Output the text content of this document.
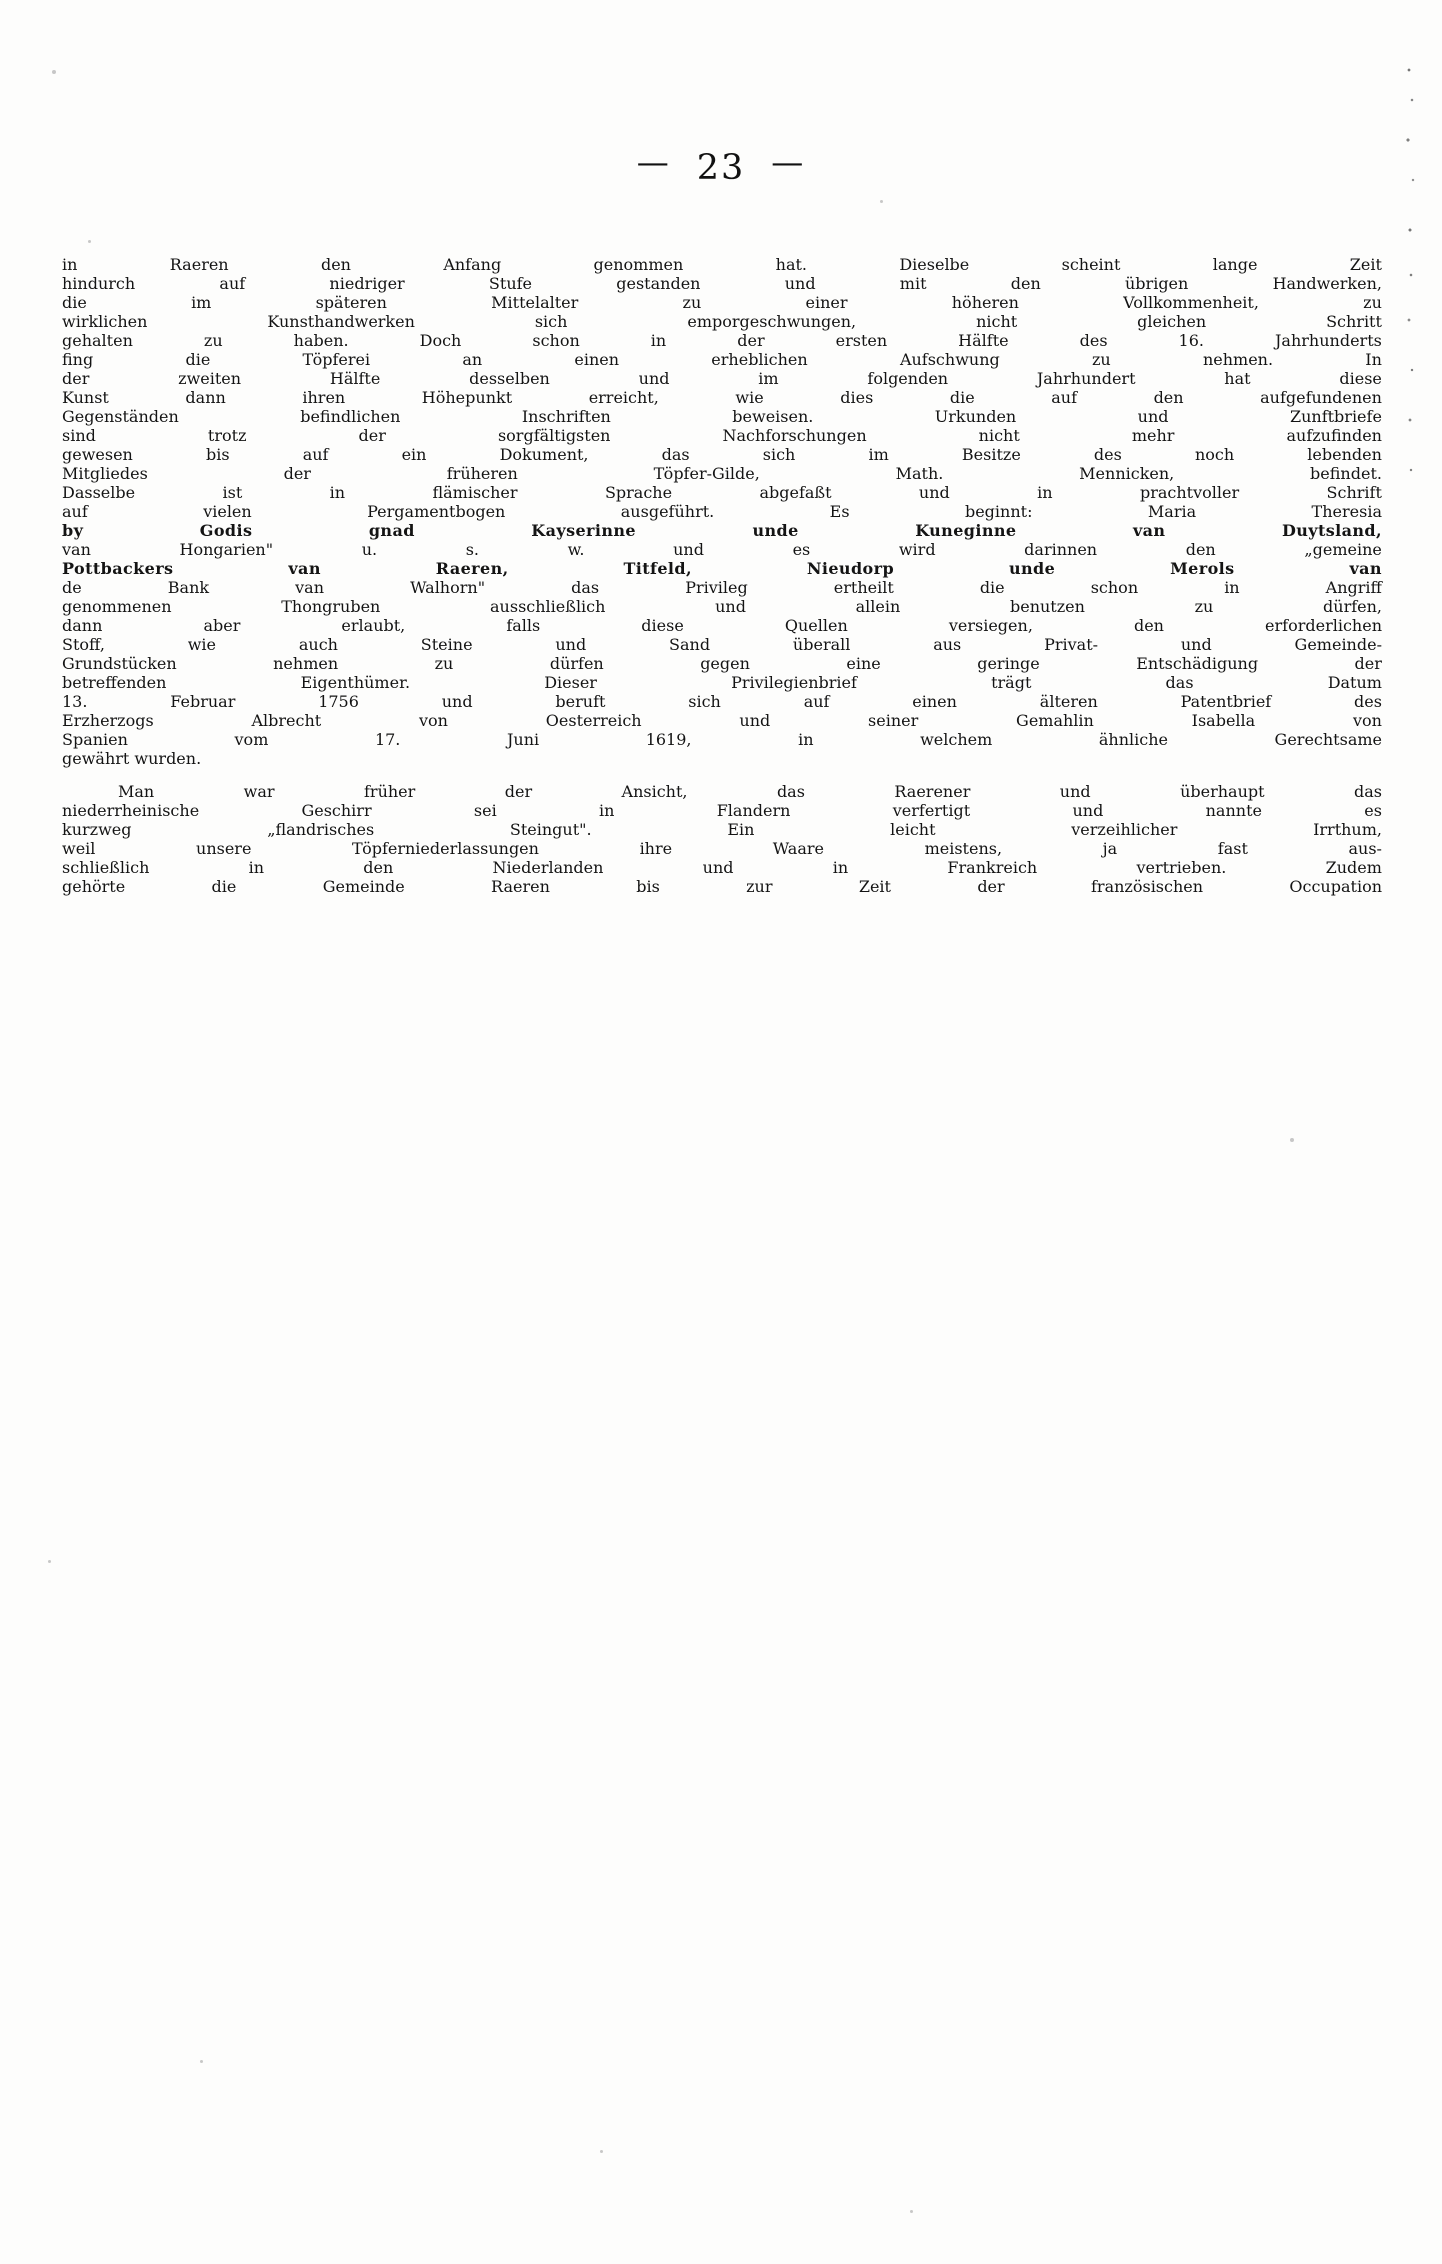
— 23 —
in	Raeren	den	Anfang	genommen	hat.	Dieselbe	scheint	lange	Zeit
hindurch	auf	niedriger	Stufe	gestanden	und	mit	den	übrigen	Handwerken,
die	im	späteren	Mittelalter	zu	einer	höheren	Vollkommenheit,	zu
wirklichen	Kunsthandwerken	sich	emporgeschwungen,	nicht	gleichen	Schritt
gehalten	zu	haben.	Doch	schon	in	der	ersten	Hälfte	des	16.	Jahrhunderts
fing	die	Töpferei	an	einen	erheblichen	Aufschwung	zu	nehmen.	In
der	zweiten	Hälfte	desselben	und	im	folgenden	Jahrhundert	hat	diese
Kunst	dann	ihren	Höhepunkt	erreicht,	wie	dies	die	auf	den	aufgefundenen
Gegenständen	befindlichen	Inschriften	beweisen.	Urkunden	und	Zunftbriefe
sind	trotz	der	sorgfältigsten	Nachforschungen	nicht	mehr	aufzufinden
gewesen	bis	auf	ein	Dokument,	das	sich	im	Besitze	des	noch	lebenden
Mitgliedes	der	früheren	Töpfer-Gilde,	Math.	Mennicken,	befindet.
Dasselbe	ist	in	flämischer	Sprache	abgefaßt	und	in	prachtvoller	Schrift
auf	vielen	Pergamentbogen	ausgeführt.	Es	beginnt:	Maria	Theresia
by	Godis	gnad	Kayserinne	unde	Kuneginne	van	Duytsland,
van	Hongarien"	u.	s.	w.	und	es	wird	darinnen	den	„gemeine
Pottbackers	van	Raeren,	Titfeld,	Nieudorp	unde	Merols	van
de	Bank	van	Walhorn"	das	Privileg	ertheilt	die	schon	in	Angriff
genommenen	Thongruben	ausschließlich	und	allein	benutzen	zu	dürfen,
dann	aber	erlaubt,	falls	diese	Quellen	versiegen,	den	erforderlichen
Stoff,	wie	auch	Steine	und	Sand	überall	aus	Privat-	und	Gemeinde-
Grundstücken	nehmen	zu	dürfen	gegen	eine	geringe	Entschädigung	der
betreffenden	Eigenthümer.	Dieser	Privilegienbrief	trägt	das	Datum
13.	Februar	1756	und	beruft	sich	auf	einen	älteren	Patentbrief	des
Erzherzogs	Albrecht	von	Oesterreich	und	seiner	Gemahlin	Isabella	von
Spanien	vom	17.	Juni	1619,	in	welchem	ähnliche	Gerechtsame
gewährt wurden.
Man	war	früher	der	Ansicht,	das	Raerener	und	überhaupt	das
niederrheinische	Geschirr	sei	in	Flandern	verfertigt	und	nannte	es
kurzweg	„flandrisches	Steingut".	Ein	leicht	verzeihlicher	Irrthum,
weil	unsere	Töpferniederlassungen	ihre	Waare	meistens,	ja	fast	aus-
schließlich	in	den	Niederlanden	und	in	Frankreich	vertrieben.	Zudem
gehörte	die	Gemeinde	Raeren	bis	zur	Zeit	der	französischen	Occupation
